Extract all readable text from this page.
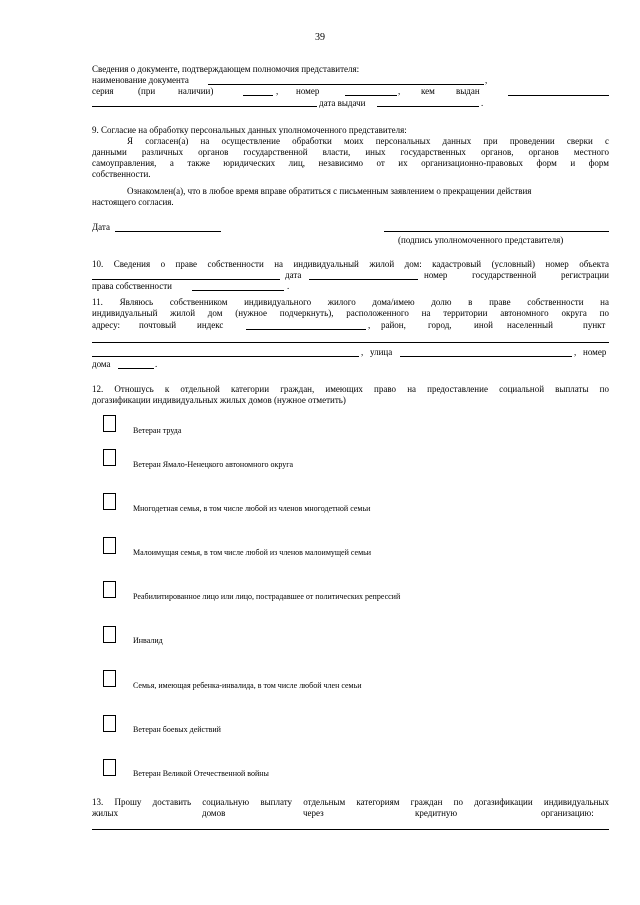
39
Сведения о документе, подтверждающем полномочия представителя:
наименование документа	,
серия	(при	наличии)	, номер	, кем выдан
дата выдачи	.
9. Согласие на обработку персональных данных уполномоченного представителя:
Я согласен(а) на осуществление обработки моих персональных данных при проведении сверки с
данными различных органов государственной власти, иных государственных органов, органов местного
самоуправления, а также юридических лиц, независимо от их организационно-правовых форм и форм
собственности.
Ознакомлен(а), что в любое время вправе обратиться с письменным заявлением о прекращении действия
настоящего согласия.
Дата
(подпись уполномоченного представителя)
10. Сведения о праве собственности на индивидуальный жилой дом: кадастровый (условный) номер объекта
дата	номер государственной регистрации
права собственности	.
11. Являюсь собственником индивидуального жилого дома/имею долю в праве собственности на
индивидуальный жилой дом (нужное подчеркнуть), расположенного на территории автономного округа по
адресу: почтовый индекс	, район, город, иной населенный	пункт
, улица	, номер
дома	.
12. Отношусь к отдельной категории граждан, имеющих право на предоставление социальной выплаты по
догазификации индивидуальных жилых домов (нужное отметить)
Ветеран труда
Ветеран Ямало-Ненецкого автономного округа
Многодетная семья, в том числе любой из членов многодетной семьи
Малоимущая семья, в том числе любой из членов малоимущей семьи
Реабилитированное лицо или лицо, пострадавшее от политических репрессий
Инвалид
Семья, имеющая ребенка-инвалида, в том числе любой член семьи
Ветеран боевых действий
Ветеран Великой Отечественной войны
13. Прошу доставить социальную выплату отдельным категориям граждан по догазификации индивидуальных
жилых	домов	через	кредитную	организацию:
